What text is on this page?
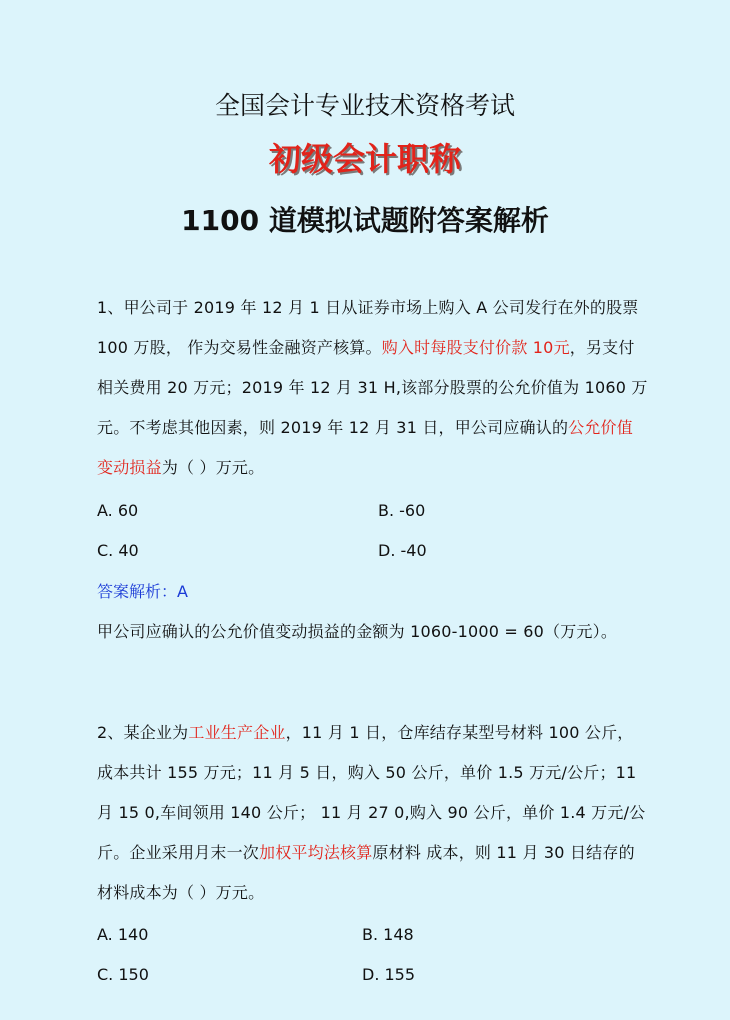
全国会计专业技术资格考试
初级会计职称
1100 道模拟试题附答案解析
1、甲公司于 2019 年 12 月 1 日从证券市场上购入 A 公司发行在外的股票 100 万股， 作为交易性金融资产核算。购入时每股支付价款 10元，另支付相关费用 20 万元；2019 年 12 月 31 H,该部分股票的公允价值为 1060 万元。不考虑其他因素，则 2019 年 12 月 31 日，甲公司应确认的公允价值变动损益为（ ）万元。
A. 60	B. -60
C. 40	D. -40
答案解析：A
甲公司应确认的公允价值变动损益的金额为 1060-1000 = 60（万元）。
2、某企业为工业生产企业，11 月 1 日，仓库结存某型号材料 100 公斤，成本共计 155 万元；11 月 5 日，购入 50 公斤，单价 1.5 万元/公斤；11 月 15 0,车间领用 140 公斤； 11 月 27 0,购入 90 公斤，单价 1.4 万元/公斤。企业采用月末一次加权平均法核算原材料 成本，则 11 月 30 日结存的材料成本为（ ）万元。
A. 140	B. 148
C. 150	D. 155
